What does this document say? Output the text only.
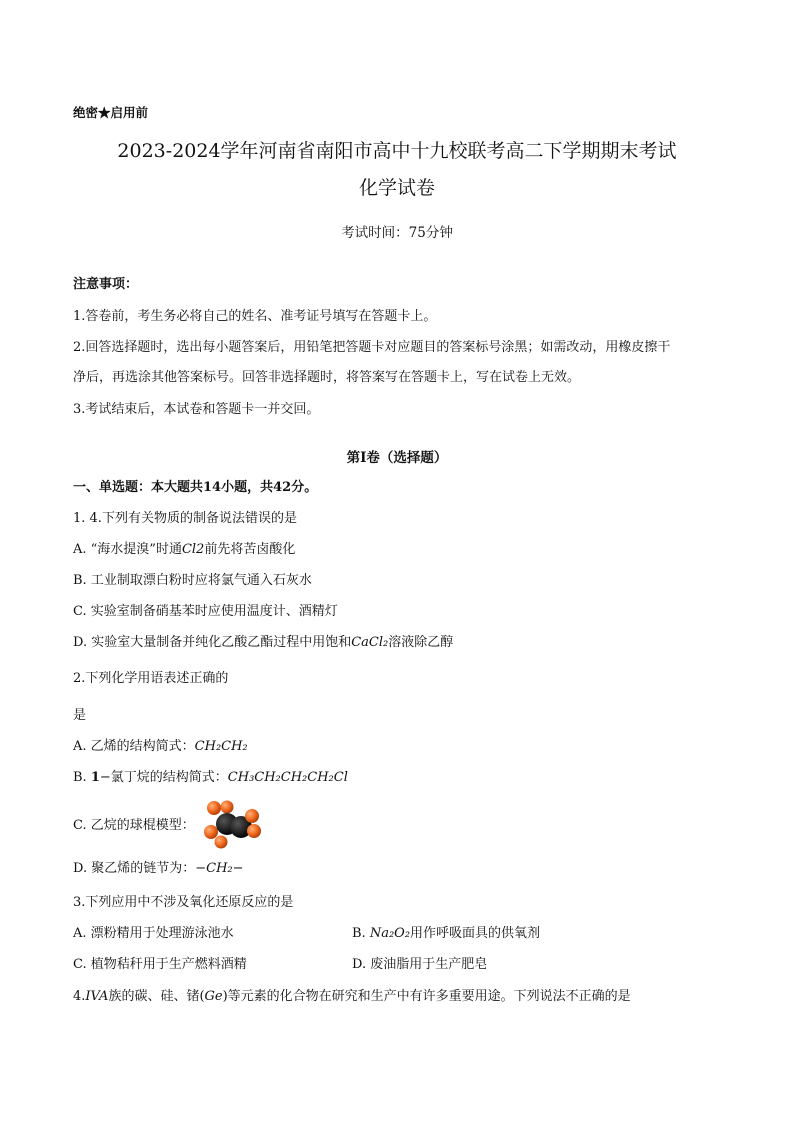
绝密★启用前
2023-2024学年河南省南阳市高中十九校联考高二下学期期末考试
化学试卷
考试时间：75分钟
注意事项：
1.答卷前，考生务必将自己的姓名、准考证号填写在答题卡上。
2.回答选择题时，选出每小题答案后，用铅笔把答题卡对应题目的答案标号涂黑；如需改动，用橡皮擦干
净后，再选涂其他答案标号。回答非选择题时，将答案写在答题卡上，写在试卷上无效。
3.考试结束后，本试卷和答题卡一并交回。
第I卷（选择题）
一、单选题：本大题共14小题，共42分。
1. 4.下列有关物质的制备说法错误的是
A. “海水提溴”时通Cl2前先将苦卤酸化
B. 工业制取漂白粉时应将氯气通入石灰水
C. 实验室制备硝基苯时应使用温度计、酒精灯
D. 实验室大量制备并纯化乙酸乙酯过程中用饱和CaCl₂溶液除乙醇
2.下列化学用语表述正确的
是
A. 乙烯的结构简式：CH₂CH₂
B. 1−氯丁烷的结构简式：CH₃CH₂CH₂CH₂Cl
C. 乙烷的球棍模型：
D. 聚乙烯的链节为：−CH₂−
3.下列应用中不涉及氧化还原反应的是
A. 漂粉精用于处理游泳池水	B. Na₂O₂用作呼吸面具的供氧剂
C. 植物秸秆用于生产燃料酒精	D. 废油脂用于生产肥皂
4.IVA族的碳、硅、锗(Ge)等元素的化合物在研究和生产中有许多重要用途。下列说法不正确的是
